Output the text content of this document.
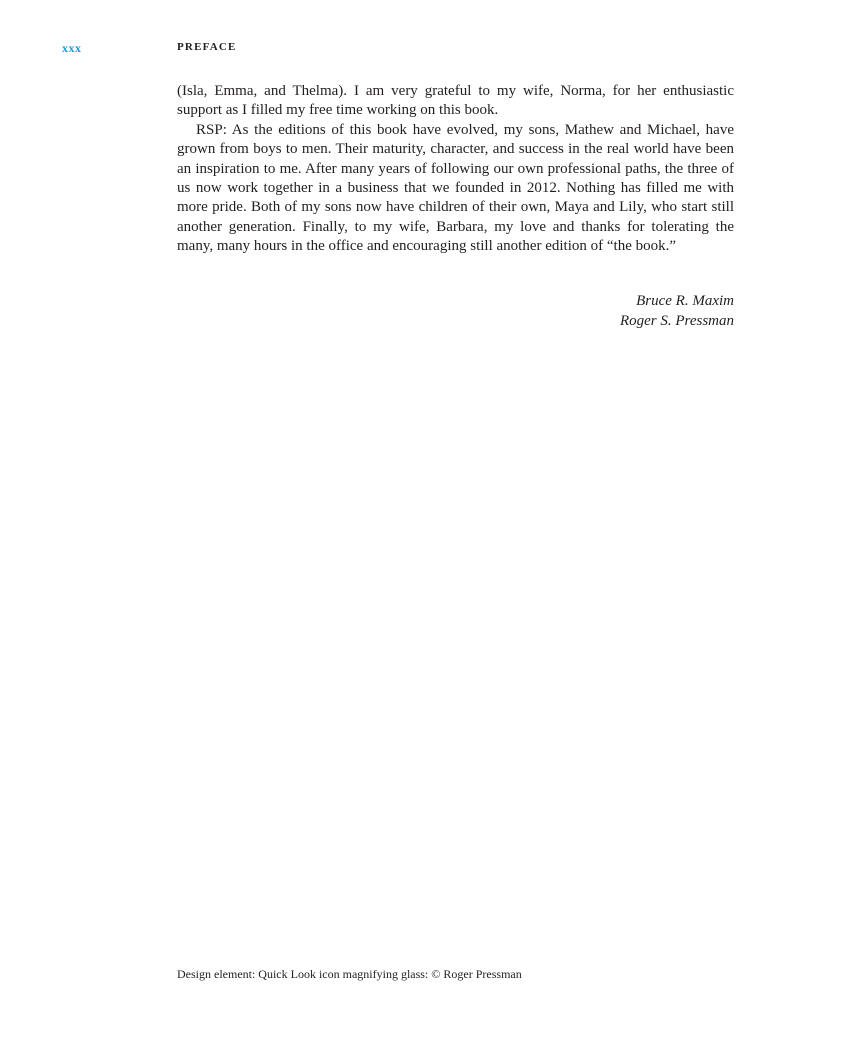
xxx	PREFACE

(Isla, Emma, and Thelma). I am very grateful to my wife, Norma, for her enthusiastic support as I filled my free time working on this book.

RSP: As the editions of this book have evolved, my sons, Mathew and Michael, have grown from boys to men. Their maturity, character, and success in the real world have been an inspiration to me. After many years of following our own professional paths, the three of us now work together in a business that we founded in 2012. Nothing has filled me with more pride. Both of my sons now have children of their own, Maya and Lily, who start still another generation. Finally, to my wife, Barbara, my love and thanks for tolerating the many, many hours in the office and encouraging still another edition of “the book.”

Bruce R. Maxim
Roger S. Pressman
Design element: Quick Look icon magnifying glass: © Roger Pressman
